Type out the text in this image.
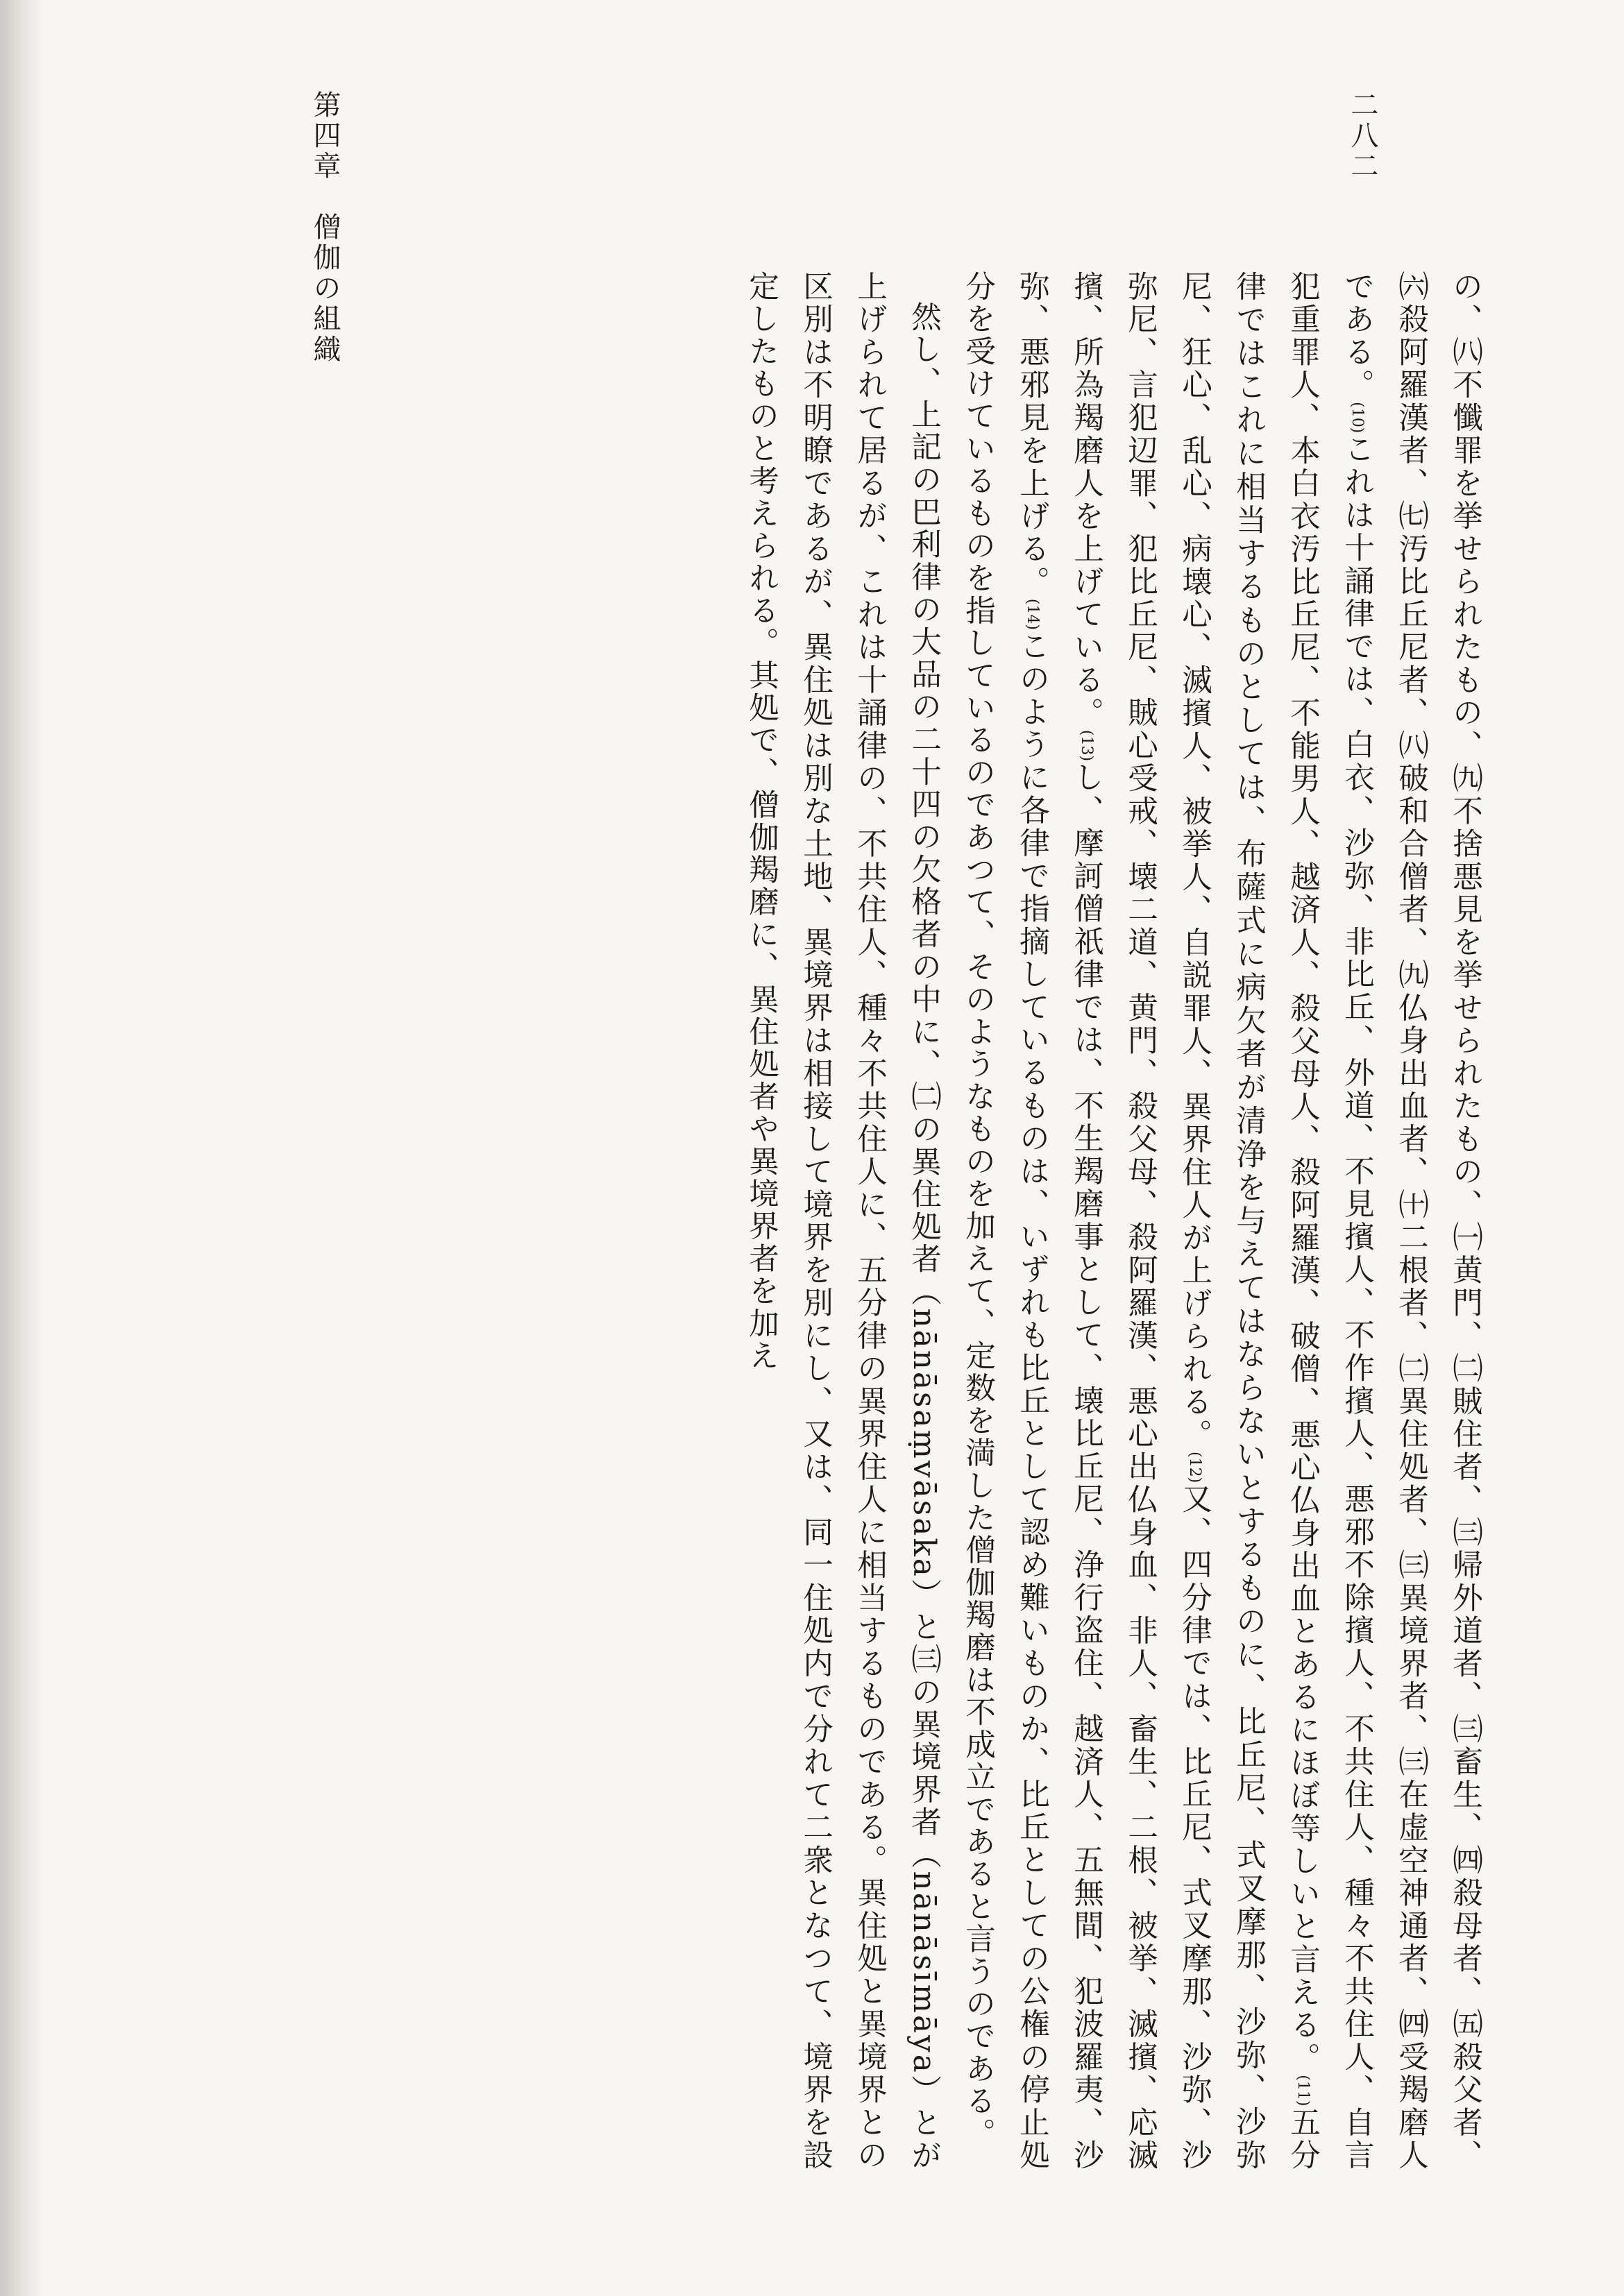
第四章　僧伽の組織	二八二

の、㈧不懺罪を挙せられたもの、㈨不捨悪見を挙せられたもの、㈠黄門、㈡賊住者、㈢帰外道者、㈢畜生、㈣殺母者、㈤殺父者、㈥殺阿羅漢者、㈦汚比丘尼者、㈧破和合僧者、㈨仏身出血者、㈩二根者、㈡異住処者、㈢異境界者、㈢在虚空神通者、㈣受羯磨人である。(10)これは十誦律では、白衣、沙弥、非比丘、外道、不見擯人、不作擯人、悪邪不除擯人、不共住人、種々不共住人、自言犯重罪人、本白衣汚比丘尼、不能男人、越済人、殺父母人、殺阿羅漢、破僧、悪心仏身出血とあるにほぼ等しいと言える。(11)五分律ではこれに相当するものとしては、布薩式に病欠者が清浄を与えてはならないとするものに、比丘尼、式叉摩那、沙弥、沙弥尼、狂心、乱心、病壊心、滅擯人、被挙人、自説罪人、異界住人が上げられる。(12)又、四分律では、比丘尼、式叉摩那、沙弥、沙弥尼、言犯辺罪、犯比丘尼、賊心受戒、壊二道、黄門、殺父母、殺阿羅漢、悪心出仏身血、非人、畜生、二根、被挙、滅擯、応滅擯、所為羯磨人を上げている。(13)し、摩訶僧祇律では、不生羯磨事として、壊比丘尼、浄行盗住、越済人、五無間、犯波羅夷、沙弥、悪邪見を上げる。(14)このように各律で指摘しているものは、いずれも比丘として認め難いものか、比丘としての公権の停止処分を受けているものを指しているのであつて、そのようなものを加えて、定数を満した僧伽羯磨は不成立であると言うのである。

然し、上記の巴利律の大品の二十四の欠格者の中に、㈡の異住処者（nānāsaṃvāsaka）と㈢の異境界者（nānāsīmāya）とが上げられて居るが、これは十誦律の、不共住人、種々不共住人に、五分律の異界住人に相当するものである。異住処と異境界との区別は不明瞭であるが、異住処は別な土地、異境界は相接して境界を別にし、又は、同一住処内で分れて二衆となつて、境界を設定したものと考えられる。其処で、僧伽羯磨に、異住処者や異境界者を加え
